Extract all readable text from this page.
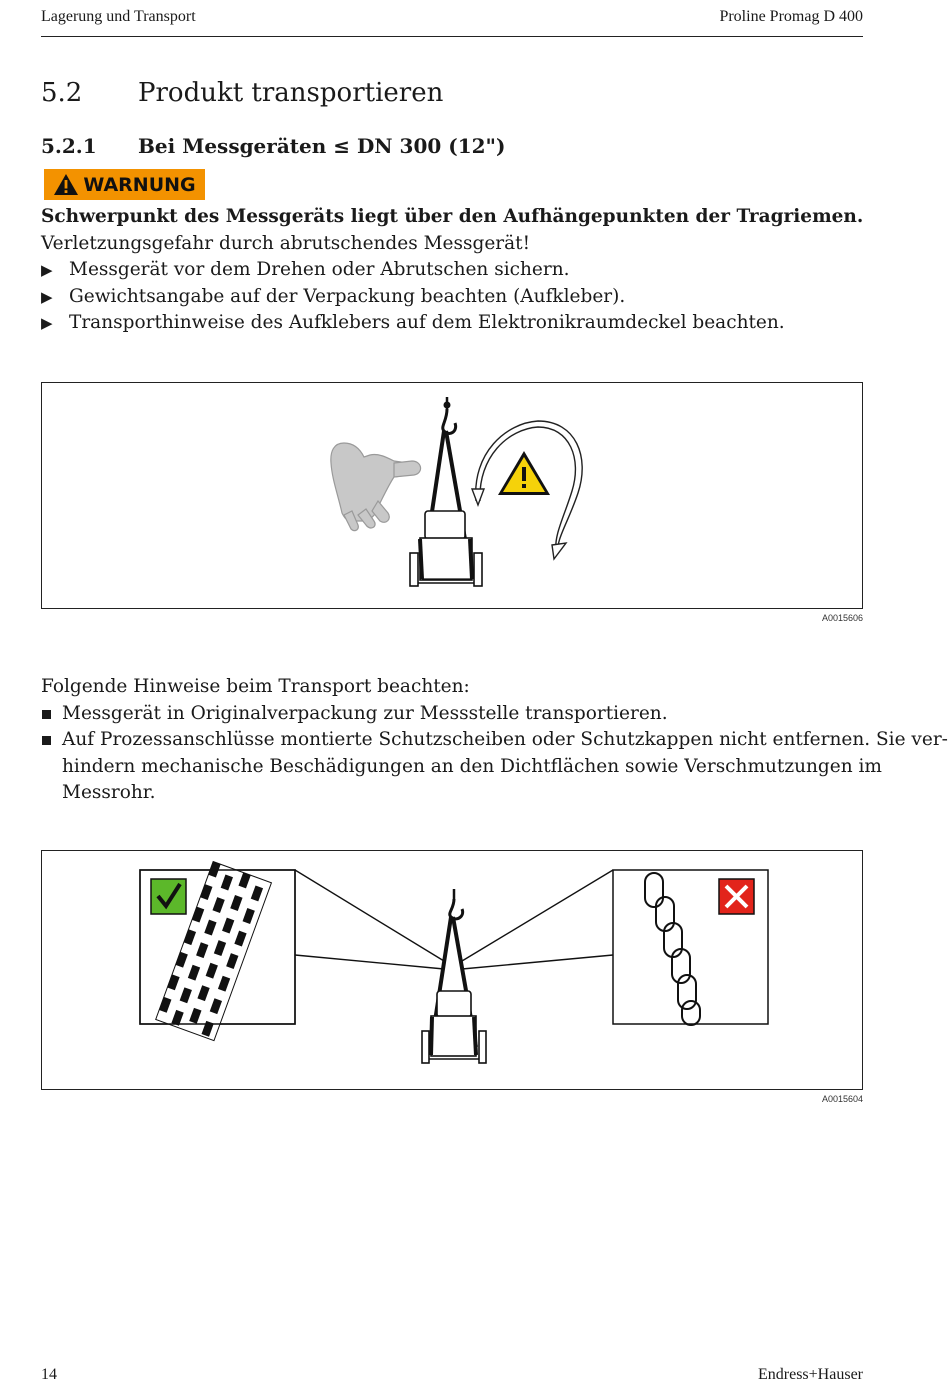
Lagerung und Transport	Proline Promag D 400
5.2 Produkt transportieren
5.2.1 Bei Messgeräten ≤ DN 300 (12")
WARNUNG
Schwerpunkt des Messgeräts liegt über den Aufhängepunkten der Tragriemen.
Verletzungsgefahr durch abrutschendes Messgerät!
▶ Messgerät vor dem Drehen oder Abrutschen sichern.
▶ Gewichtsangabe auf der Verpackung beachten (Aufkleber).
▶ Transporthinweise des Aufklebers auf dem Elektronikraumdeckel beachten.
A0015606
Folgende Hinweise beim Transport beachten:
Messgerät in Originalverpackung zur Messstelle transportieren.
Auf Prozessanschlüsse montierte Schutzscheiben oder Schutzkappen nicht entfernen. Sie ver-
hindern mechanische Beschädigungen an den Dichtflächen sowie Verschmutzungen im
Messrohr.
A0015604
14	Endress+Hauser
